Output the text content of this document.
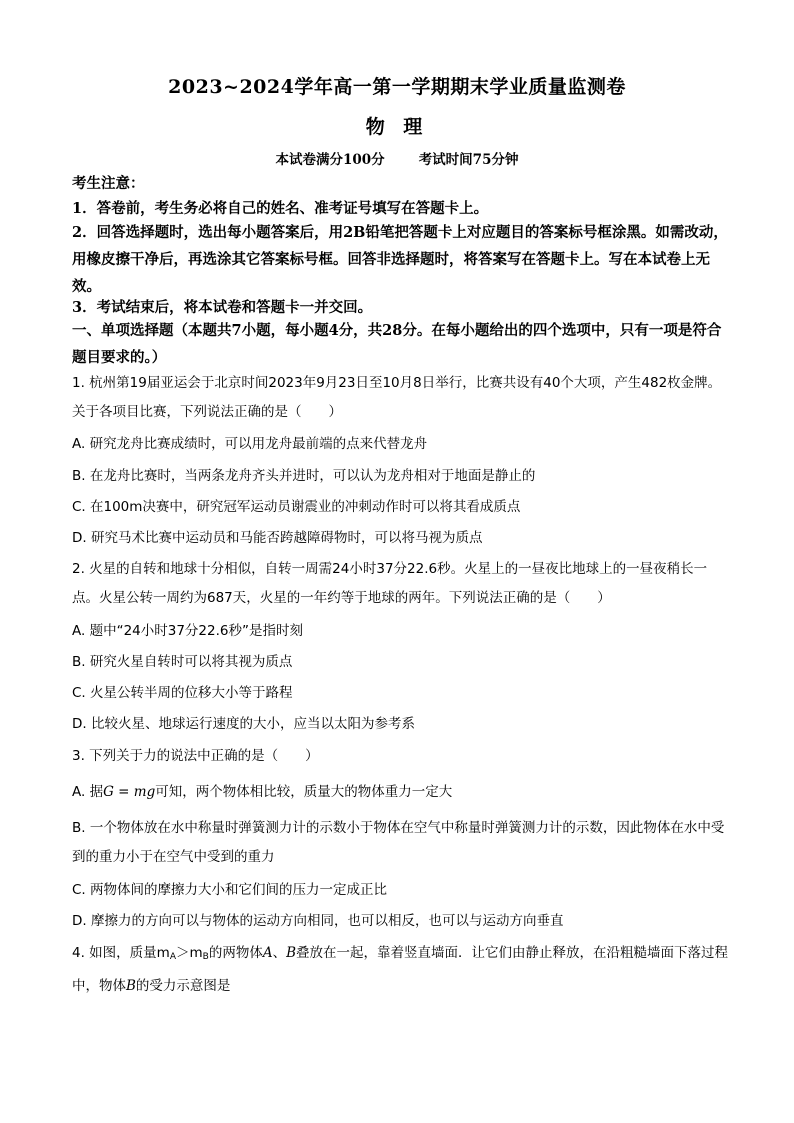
2023~2024学年高一第一学期期末学业质量监测卷
物 理
本试卷满分100分	考试时间75分钟
考生注意：
1．答卷前，考生务必将自己的姓名、准考证号填写在答题卡上。
2．回答选择题时，选出每小题答案后，用2B铅笔把答题卡上对应题目的答案标号框涂黑。如需改动，用橡皮擦干净后，再选涂其它答案标号框。回答非选择题时，将答案写在答题卡上。写在本试卷上无效。
3．考试结束后，将本试卷和答题卡一并交回。
一、单项选择题（本题共7小题，每小题4分，共28分。在每小题给出的四个选项中，只有一项是符合题目要求的。）
1. 杭州第19届亚运会于北京时间2023年9月23日至10月8日举行，比赛共设有40个大项，产生482枚金牌。关于各项目比赛，下列说法正确的是（　　）
A. 研究龙舟比赛成绩时，可以用龙舟最前端的点来代替龙舟
B. 在龙舟比赛时，当两条龙舟齐头并进时，可以认为龙舟相对于地面是静止的
C. 在100m决赛中，研究冠军运动员谢震业的冲刺动作时可以将其看成质点
D. 研究马术比赛中运动员和马能否跨越障碍物时，可以将马视为质点
2. 火星的自转和地球十分相似，自转一周需24小时37分22.6秒。火星上的一昼夜比地球上的一昼夜稍长一点。火星公转一周约为687天，火星的一年约等于地球的两年。下列说法正确的是（　　）
A. 题中“24小时37分22.6秒”是指时刻
B. 研究火星自转时可以将其视为质点
C. 火星公转半周的位移大小等于路程
D. 比较火星、地球运行速度的大小，应当以太阳为参考系
3. 下列关于力的说法中正确的是（　　）
A. 据G = mg可知，两个物体相比较，质量大的物体重力一定大
B. 一个物体放在水中称量时弹簧测力计的示数小于物体在空气中称量时弹簧测力计的示数，因此物体在水中受到的重力小于在空气中受到的重力
C. 两物体间的摩擦力大小和它们间的压力一定成正比
D. 摩擦力的方向可以与物体的运动方向相同，也可以相反，也可以与运动方向垂直
4. 如图，质量$m_A>m_B$的两物体A、B叠放在一起，靠着竖直墙面．让它们由静止释放，在沿粗糙墙面下落过程中，物体B的受力示意图是
